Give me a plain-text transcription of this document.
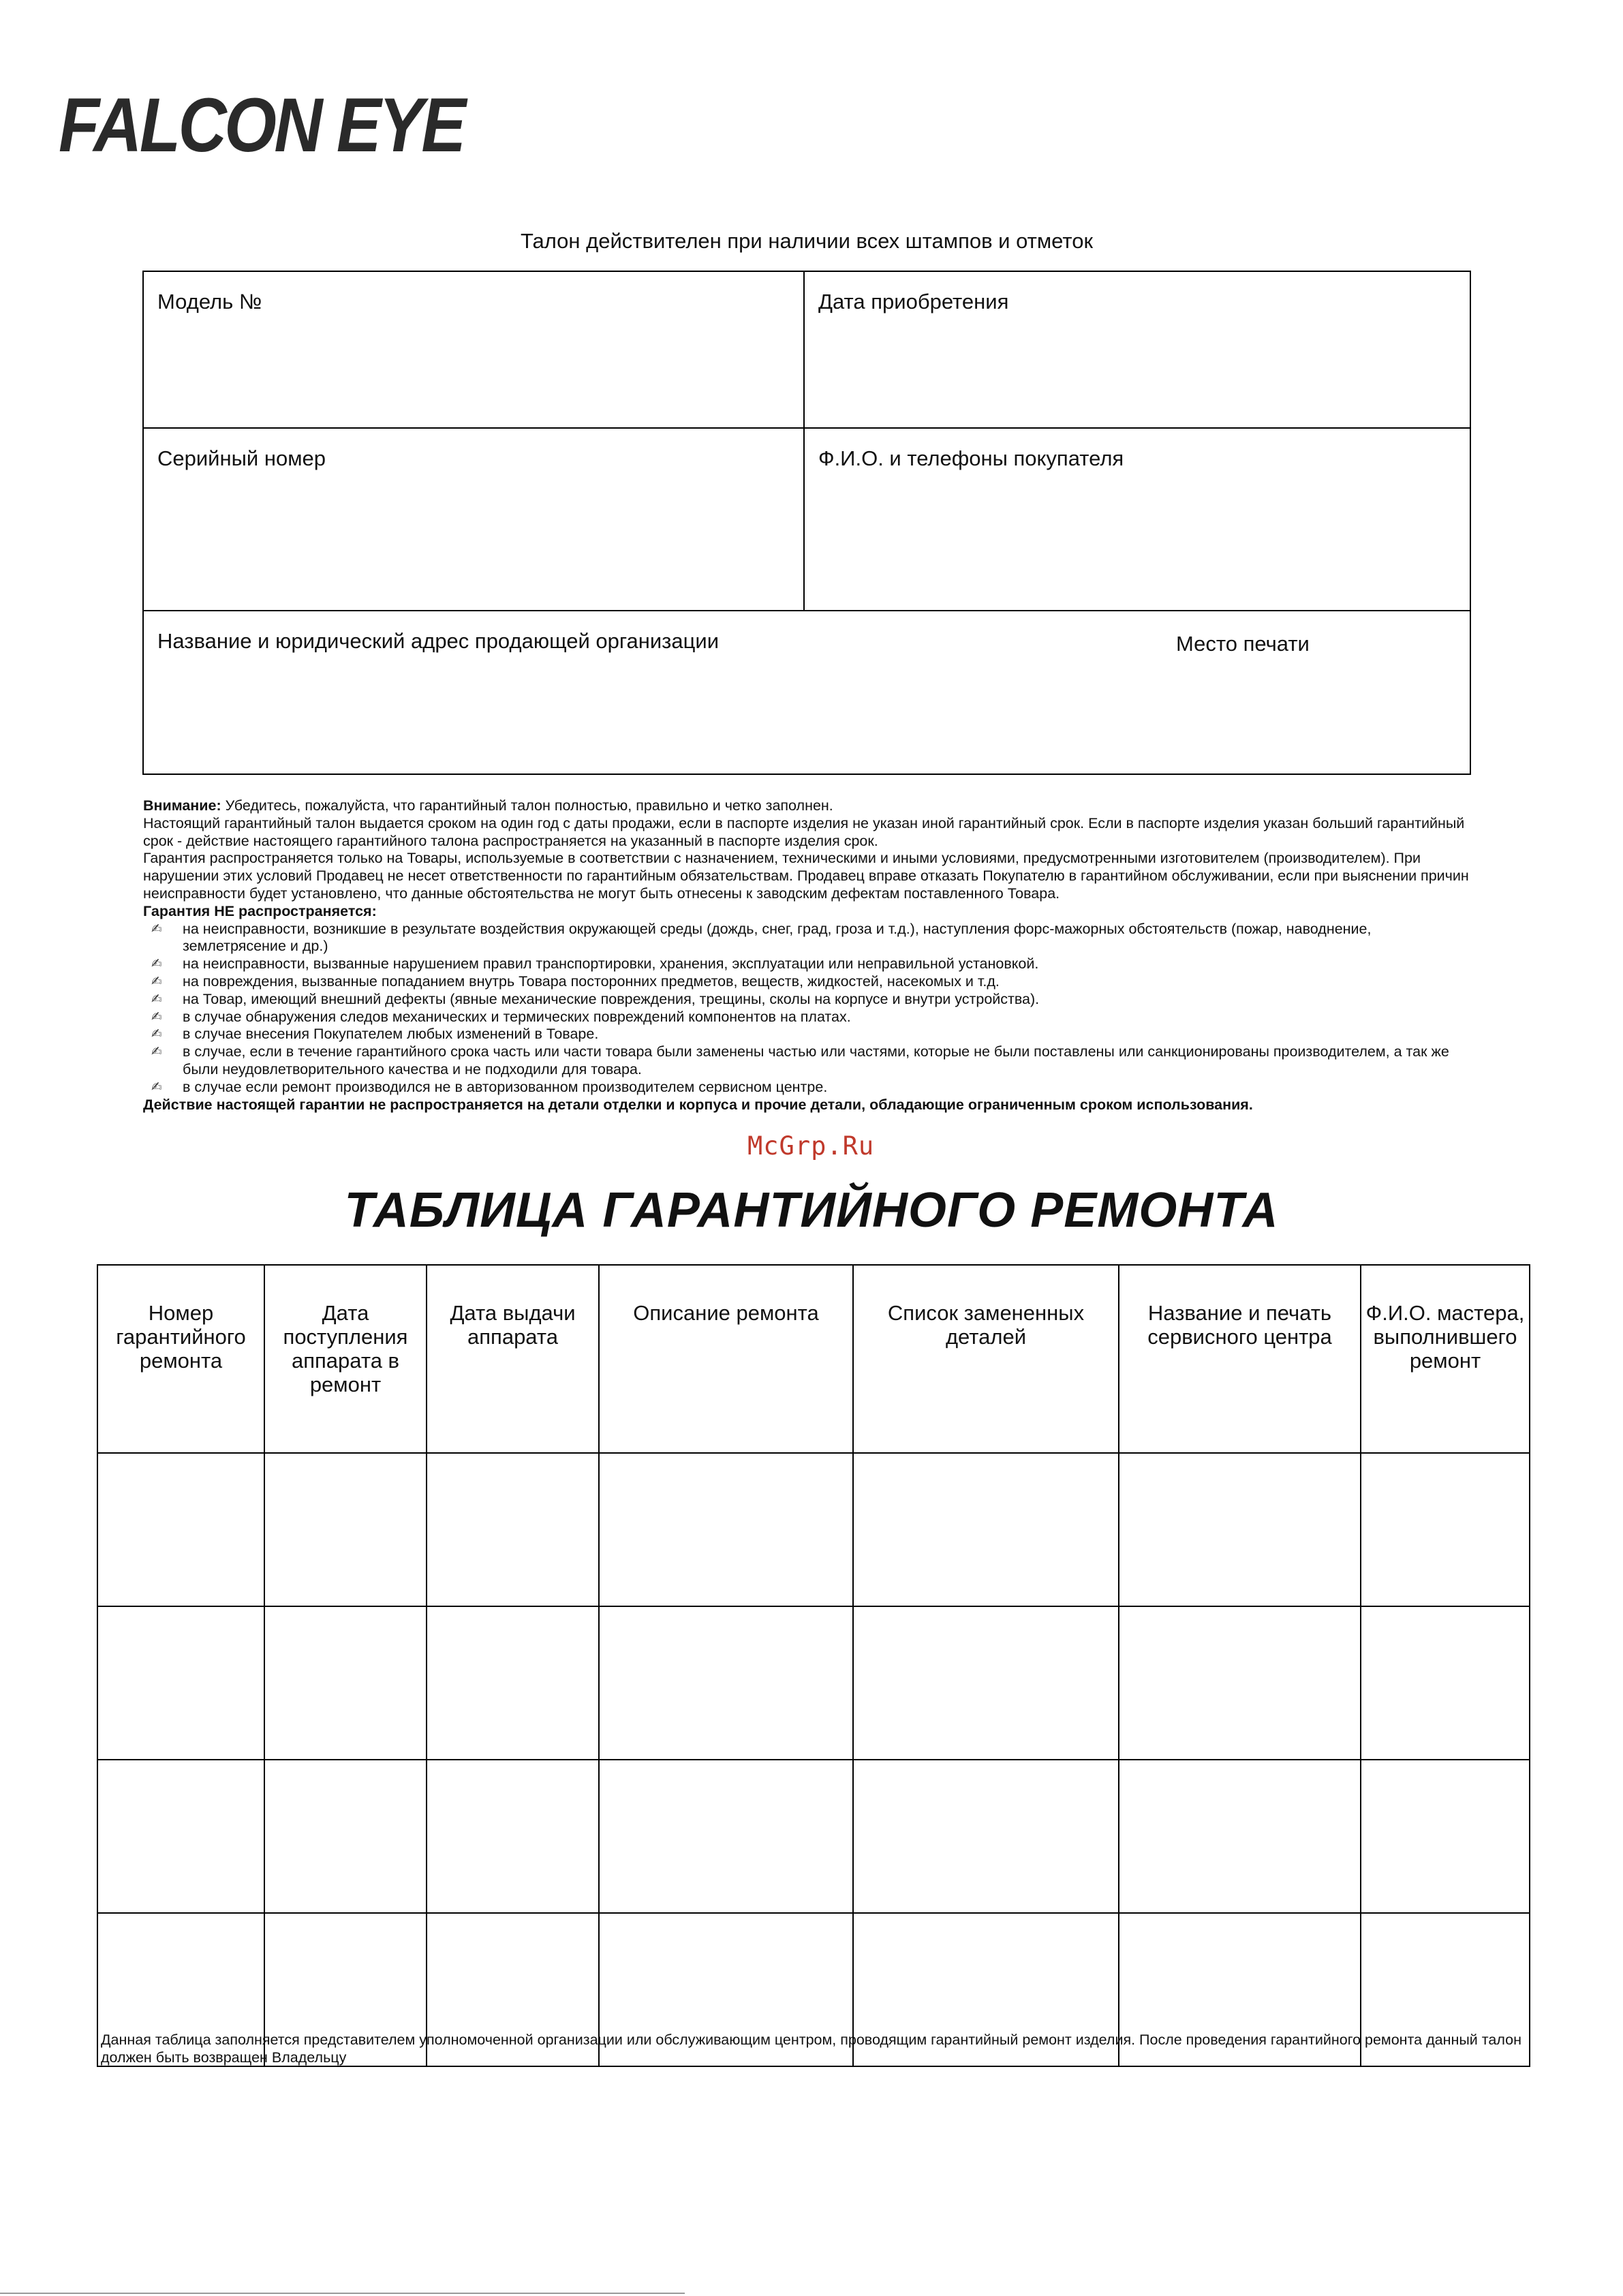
FALCON EYE
Талон действителен при наличии всех штампов и отметок
Модель №	Дата приобретения
Серийный номер	Ф.И.О. и телефоны покупателя
Название и юридический адрес продающей организации	Место печати

Внимание: Убедитесь, пожалуйста, что гарантийный талон полностью, правильно и четко заполнен.

Настоящий гарантийный талон выдается сроком на один год с даты продажи, если в паспорте изделия не указан иной гарантийный срок. Если в паспорте изделия указан больший гарантийный срок - действие настоящего гарантийного талона распространяется на указанный в паспорте изделия срок.

Гарантия распространяется только на Товары, используемые в соответствии с назначением, техническими и иными условиями, предусмотренными изготовителем (производителем). При нарушении этих условий Продавец не несет ответственности по гарантийным обязательствам. Продавец вправе отказать Покупателю в гарантийном обслуживании, если при выяснении причин неисправности будет установлено, что данные обстоятельства не могут быть отнесены к заводским дефектам поставленного Товара.

Гарантия НЕ распространяется:

✍ на неисправности, возникшие в результате воздействия окружающей среды (дождь, снег, град, гроза и т.д.), наступления форс-мажорных обстоятельств (пожар, наводнение, землетрясение и др.)
✍ на неисправности, вызванные нарушением правил транспортировки, хранения, эксплуатации или неправильной установкой.
✍ на повреждения, вызванные попаданием внутрь Товара посторонних предметов, веществ, жидкостей, насекомых и т.д.
✍ на Товар, имеющий внешний дефекты (явные механические повреждения, трещины, сколы на корпусе и внутри устройства).
✍ в случае обнаружения следов механических и термических повреждений компонентов на платах.
✍ в случае внесения Покупателем любых изменений в Товаре.
✍ в случае, если в течение гарантийного срока часть или части товара были заменены частью или частями, которые не были поставлены или санкционированы производителем, а так же были неудовлетворительного качества и не подходили для товара.
✍ в случае если ремонт производился не в авторизованном производителем сервисном центре.

Действие настоящей гарантии не распространяется на детали отделки и корпуса и прочие детали, обладающие ограниченным сроком использования.

McGrp.Ru
ТАБЛИЦА ГАРАНТИЙНОГО РЕМОНТА
Номер гарантийного ремонта	Дата поступления аппарата в ремонт	Дата выдачи аппарата	Описание ремонта	Список замененных деталей	Название и печать сервисного центра	Ф.И.О. мастера, выполнившего ремонт

Данная таблица заполняется представителем уполномоченной организации или обслуживающим центром, проводящим гарантийный ремонт изделия. После проведения гарантийного ремонта данный талон должен быть возвращен Владельцу
